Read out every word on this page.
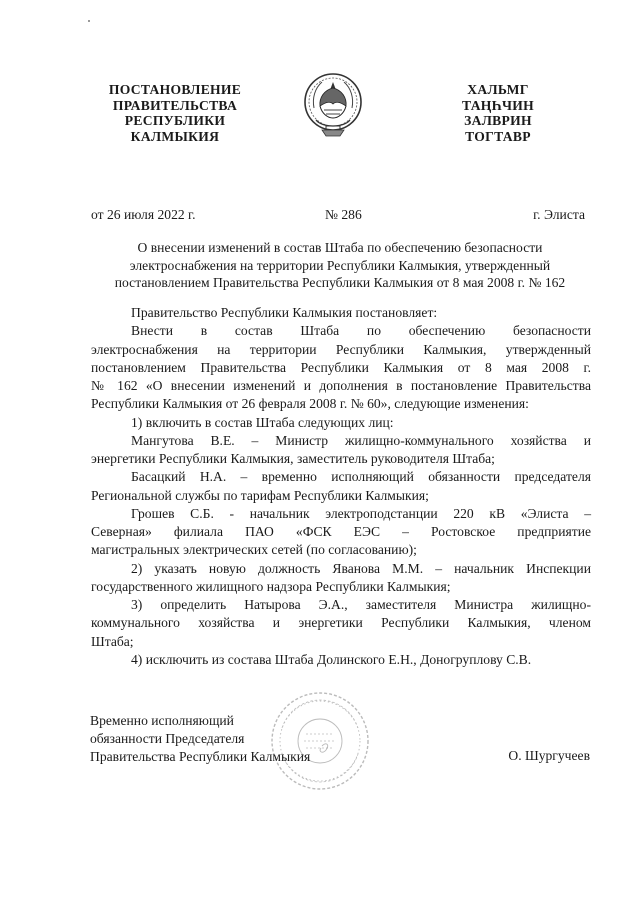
ПОСТАНОВЛЕНИЕ
ПРАВИТЕЛЬСТВА
РЕСПУБЛИКИ
КАЛМЫКИЯ
ХАЛЬМГ
ТАҢҺЧИН
ЗАЛВРИН
ТОГТАВР
от 26 июля 2022 г.	№ 286	г. Элиста
О внесении изменений в состав Штаба по обеспечению безопасности
электроснабжения на территории Республики Калмыкия, утвержденный
постановлением Правительства Республики Калмыкия от 8 мая 2008 г. № 162

Правительство Республики Калмыкия постановляет:

Внести в состав Штаба по обеспечению безопасности
электроснабжения на территории Республики Калмыкия, утвержденный
постановлением Правительства Республики Калмыкия от 8 мая 2008 г.
№ 162 «О внесении изменений и дополнения в постановление Правительства
Республики Калмыкия от 26 февраля 2008 г. № 60», следующие изменения:

1) включить в состав Штаба следующих лиц:

Мангутова В.Е. – Министр жилищно-коммунального хозяйства и
энергетики Республики Калмыкия, заместитель руководителя Штаба;
Басацкий Н.А. – временно исполняющий обязанности председателя
Региональной службы по тарифам Республики Калмыкия;
Грошев С.Б. - начальник электроподстанции 220 кВ «Элиста –
Северная» филиала ПАО «ФСК ЕЭС – Ростовское предприятие
магистральных электрических сетей (по согласованию);
2) указать новую должность Яванова М.М. – начальник Инспекции
государственного жилищного надзора Республики Калмыкия;
3) определить Натырова Э.А., заместителя Министра жилищно-
коммунального хозяйства и энергетики Республики Калмыкия, членом
Штаба;

4) исключить из состава Штаба Долинского Е.Н., Доногруплову С.В.

Временно исполняющий
обязанности Председателя
Правительства Республики Калмыкия	О. Шургучеев
